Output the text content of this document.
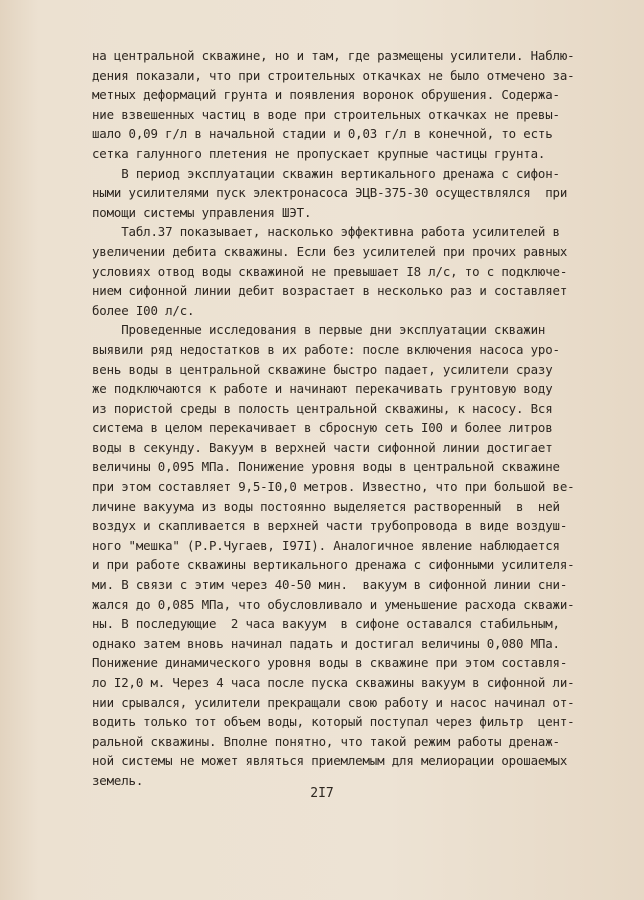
на центральной скважине, но и там, где размещены усилители. Наблю-
дения показали, что при строительных откачках не было отмечено за-
метных деформаций грунта и появления воронок обрушения. Содержа-
ние взвешенных частиц в воде при строительных откачках не превы-
шало 0,09 г/л в начальной стадии и 0,03 г/л в конечной, то есть
сетка галунного плетения не пропускает крупные частицы грунта.
В период эксплуатации скважин вертикального дренажа с сифон-
ными усилителями пуск электронасоса ЭЦВ-375-30 осуществлялся  при
помощи системы управления ШЭТ.
Табл.37 показывает, насколько эффективна работа усилителей в
увеличении дебита скважины. Если без усилителей при прочих равных
условиях отвод воды скважиной не превышает I8 л/с, то с подключе-
нием сифонной линии дебит возрастает в несколько раз и составляет
более I00 л/с.
Проведенные исследования в первые дни эксплуатации скважин
выявили ряд недостатков в их работе: после включения насоса уро-
вень воды в центральной скважине быстро падает, усилители сразу
же подключаются к работе и начинают перекачивать грунтовую воду
из пористой среды в полость центральной скважины, к насосу. Вся
система в целом перекачивает в сбросную сеть I00 и более литров
воды в секунду. Вакуум в верхней части сифонной линии достигает
величины 0,095 МПа. Понижение уровня воды в центральной скважине
при этом составляет 9,5-I0,0 метров. Известно, что при большой ве-
личине вакуума из воды постоянно выделяется растворенный  в  ней
воздух и скапливается в верхней части трубопровода в виде воздуш-
ного "мешка" (Р.Р.Чугаев, I97I). Аналогичное явление наблюдается
и при работе скважины вертикального дренажа с сифонными усилителя-
ми. В связи с этим через 40-50 мин.  вакуум в сифонной линии сни-
жался до 0,085 МПа, что обусловливало и уменьшение расхода скважи-
ны. В последующие  2 часа вакуум  в сифоне оставался стабильным,
однако затем вновь начинал падать и достигал величины 0,080 МПа.
Понижение динамического уровня воды в скважине при этом составля-
ло I2,0 м. Через 4 часа после пуска скважины вакуум в сифонной ли-
нии срывался, усилители прекращали свою работу и насос начинал от-
водить только тот объем воды, который поступал через фильтр  цент-
ральной скважины. Вполне понятно, что такой режим работы дренаж-
ной системы не может являться приемлемым для мелиорации орошаемых
земель.
2I7
